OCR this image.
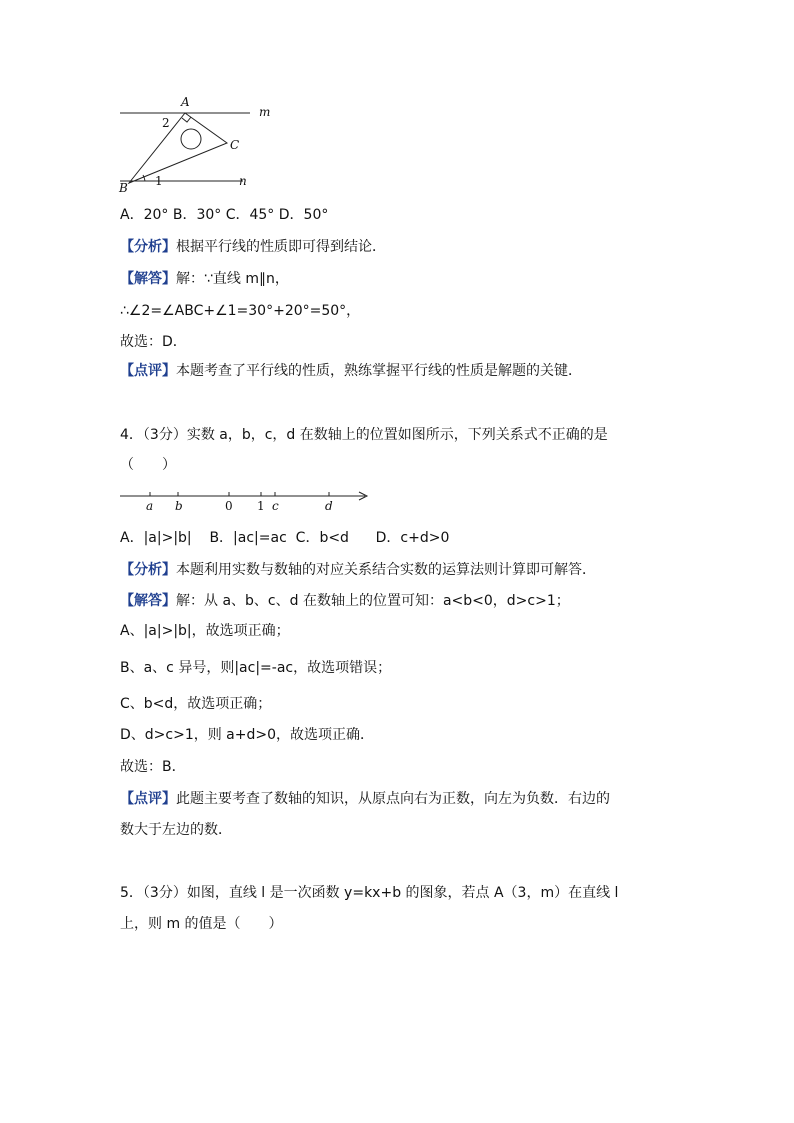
A
m
2
C
B 1	n
A．20° B．30° C．45° D．50°
【分析】根据平行线的性质即可得到结论．
【解答】解：∵直线 m∥n，
∴∠2=∠ABC+∠1=30°+20°=50°，
故选：D．
【点评】本题考查了平行线的性质，熟练掌握平行线的性质是解题的关键．
4．（3分）实数 a，b，c，d 在数轴上的位置如图所示，下列关系式不正确的是
（　　）
a b	0 1 c	d
A．|a|>|b|    B．|ac|=ac  C．b<d      D．c+d>0
【分析】本题利用实数与数轴的对应关系结合实数的运算法则计算即可解答．
【解答】解：从 a、b、c、d 在数轴上的位置可知：a<b<0，d>c>1；
A、|a|>|b|，故选项正确；
B、a、c 异号，则|ac|=-ac，故选项错误；
C、b<d，故选项正确；
D、d>c>1，则 a+d>0，故选项正确．
故选：B．
【点评】此题主要考查了数轴的知识，从原点向右为正数，向左为负数．右边的
数大于左边的数．
5．（3分）如图，直线 l 是一次函数 y=kx+b 的图象，若点 A（3，m）在直线 l
上，则 m 的值是（　　）
